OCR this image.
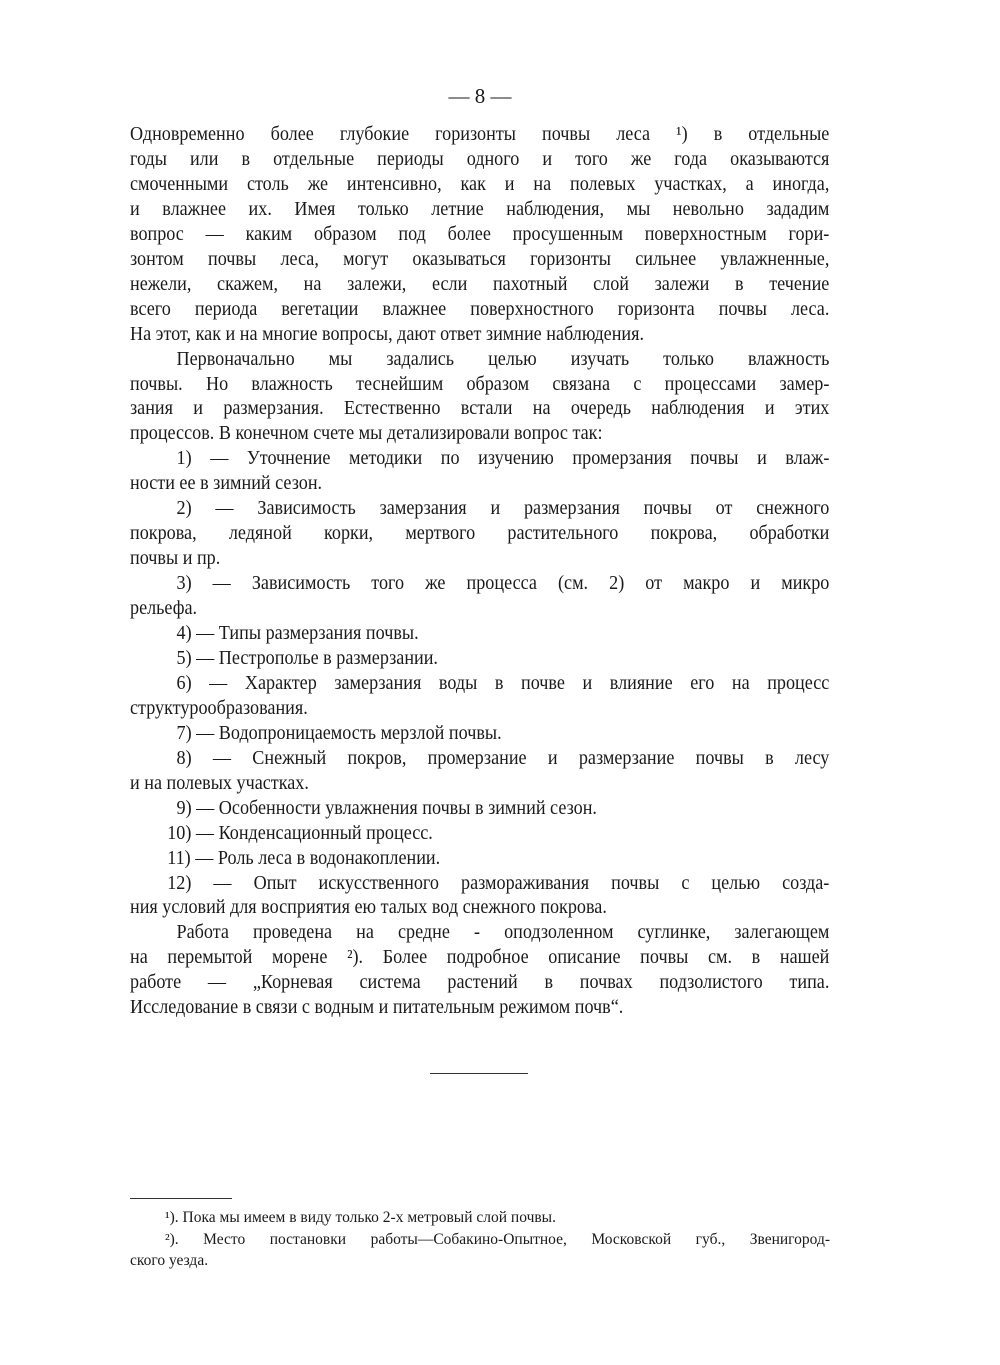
— 8 —
Одновременно более глубокие горизонты почвы леса ¹) в отдельные
годы или в отдельные периоды одного и того же года оказываются
смоченными столь же интенсивно, как и на полевых участках, а иногда,
и влажнее их. Имея только летние наблюдения, мы невольно зададим
вопрос — каким образом под более просушенным поверхностным гори-
зонтом почвы леса, могут оказываться горизонты сильнее увлажненные,
нежели, скажем, на залежи, если пахотный слой залежи в течение
всего периода вегетации влажнее поверхностного горизонта почвы леса.
На этот, как и на многие вопросы, дают ответ зимние наблюдения.
Первоначально мы задались целью изучать только влажность
почвы. Но влажность теснейшим образом связана с процессами замер-
зания и размерзания. Естественно встали на очередь наблюдения и этих
процессов. В конечном счете мы детализировали вопрос так:
1) — Уточнение методики по изучению промерзания почвы и влаж-
ности ее в зимний сезон.
2) — Зависимость замерзания и размерзания почвы от снежного
покрова, ледяной корки, мертвого растительного покрова, обработки
почвы и пр.
3) — Зависимость того же процесса (см. 2) от макро и микро
рельефа.
4) — Типы размерзания почвы.
5) — Пестрополье в размерзании.
6) — Характер замерзания воды в почве и влияние его на процесс
структурообразования.
7) — Водопроницаемость мерзлой почвы.
8) — Снежный покров, промерзание и размерзание почвы в лесу
и на полевых участках.
9) — Особенности увлажнения почвы в зимний сезон.
10) — Конденсационный процесс.
11) — Роль леса в водонакоплении.
12) — Опыт искусственного размораживания почвы с целью созда-
ния условий для восприятия ею талых вод снежного покрова.
Работа проведена на средне - оподзоленном суглинке, залегающем
на перемытой морене ²). Более подробное описание почвы см. в нашей
работе — „Корневая система растений в почвах подзолистого типа.
Исследование в связи с водным и питательным режимом почв“.
¹). Пока мы имеем в виду только 2-х метровый слой почвы.
²). Место постановки работы—Собакино-Опытное, Московской губ., Звенигород-
ского уезда.
